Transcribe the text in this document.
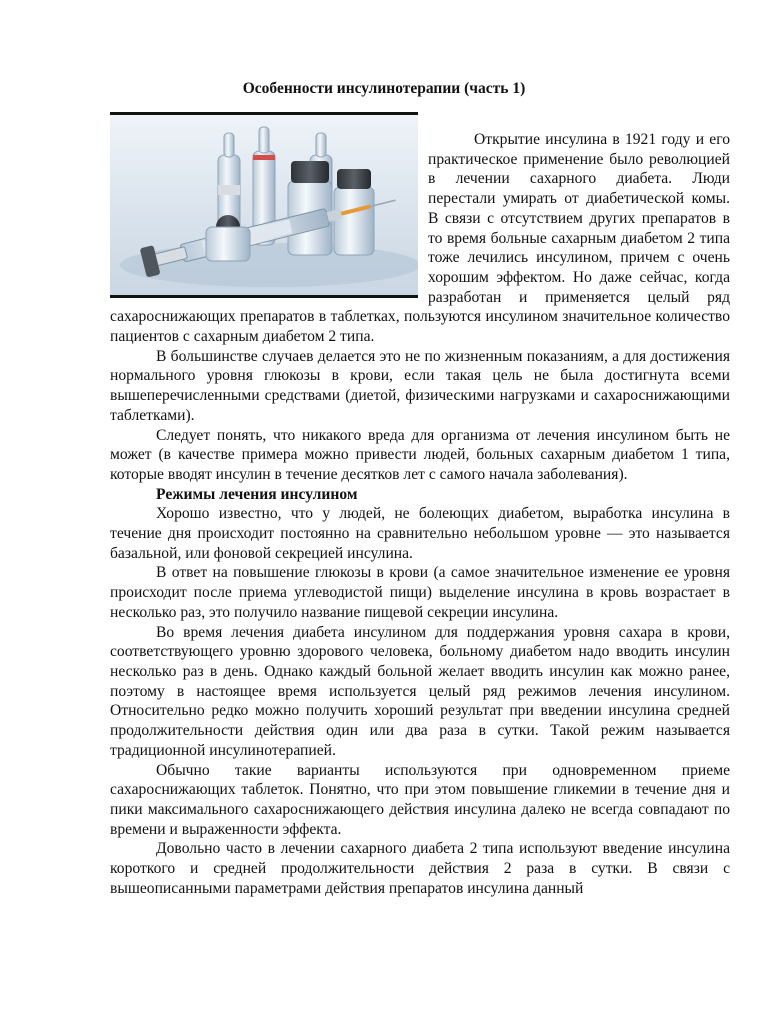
Особенности инсулинотерапии (часть 1)

Открытие инсулина в 1921 году и его практическое применение было революцией в лечении сахарного диабета. Люди перестали умирать от диабетической комы. В связи с отсутствием других препаратов в то время больные сахарным диабетом 2 типа тоже лечились инсулином, причем с очень хорошим эффектом. Но даже сейчас, когда разработан и применяется целый ряд сахароснижающих препаратов в таблетках, пользуются инсулином значительное количество пациентов с сахарным диабетом 2 типа.

В большинстве случаев делается это не по жизненным показаниям, а для достижения нормального уровня глюкозы в крови, если такая цель не была достигнута всеми вышеперечисленными средствами (диетой, физическими нагрузками и сахароснижающими таблетками).

Следует понять, что никакого вреда для организма от лечения инсулином быть не может (в качестве примера можно привести людей, больных сахарным диабетом 1 типа, которые вводят инсулин в течение десятков лет с самого начала заболевания).

Режимы лечения инсулином

Хорошо известно, что у людей, не болеющих диабетом, выработка инсулина в течение дня происходит постоянно на сравнительно небольшом уровне — это называется базальной, или фоновой секрецией инсулина.

В ответ на повышение глюкозы в крови (а самое значительное изменение ее уровня происходит после приема углеводистой пищи) выделение инсулина в кровь возрастает в несколько раз, это получило название пищевой секреции инсулина.

Во время лечения диабета инсулином для поддержания уровня сахара в крови, соответствующего уровню здорового человека, больному диабетом надо вводить инсулин несколько раз в день. Однако каждый больной желает вводить инсулин как можно ранее, поэтому в настоящее время используется целый ряд режимов лечения инсулином. Относительно редко можно получить хороший результат при введении инсулина средней продолжительности действия один или два раза в сутки. Такой режим называется традиционной инсулинотерапией.

Обычно такие варианты используются при одновременном приеме сахароснижающих таблеток. Понятно, что при этом повышение гликемии в течение дня и пики максимального сахароснижающего действия инсулина далеко не всегда совпадают по времени и выраженности эффекта.

Довольно часто в лечении сахарного диабета 2 типа используют введение инсулина короткого и средней продолжительности действия 2 раза в сутки. В связи с вышеописанными параметрами действия препаратов инсулина данный
